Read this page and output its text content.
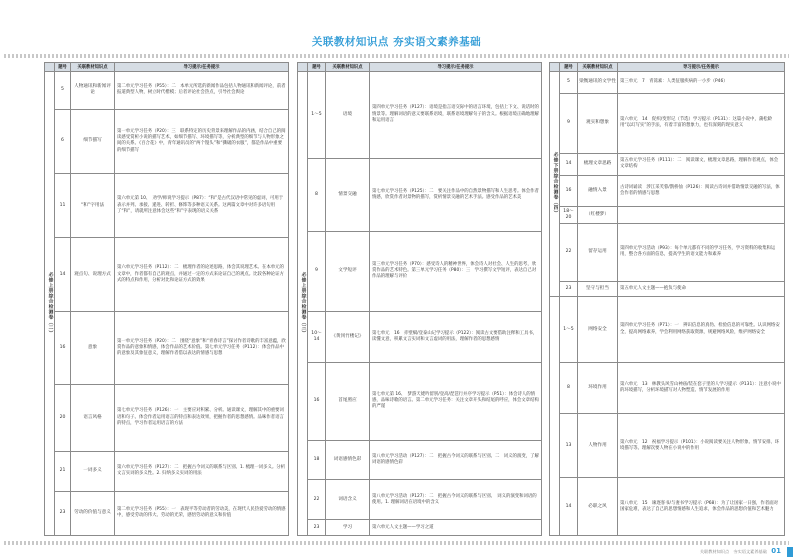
关联教材知识点 夯实语文素养基础
	题号	关联教材知识点	导习提示/任务提示

必修上册综合检测卷（二）	5	人物通讯和新闻评论	第二单元学习任务（P55）：二　本单元所选的新闻作品包括人物通讯和新闻评论，前者报道典型人物，树立时代楷模；后者评论社会热点，引导社会舆论
	6	细节描写	第一单元学习任务（P20）：三　联系特定的历史背景来理解作品的内涵，结合自己的阅读感受赏析小说的描写艺术，如细节描写、环境描写等，分析典型的细节与人物形象之间的关系。《百合花》中，青年通讯员的“两个馒头”和“撕破的衣服”，都是作品中重要的细节描写
	11	“和”字用法	第六单元第 10、　劝学/师说学习提示（P87）：“和”是古代汉语中常见的虚词，可用于表示并列、承接、递进、转折、修饰等多种语义关系。这两篇文章中对许多语句用了“和”，请就所注意体会这些“和”字表现的语义关系
	14	观点句、说理方式	第六单元学习任务（P112）：二　梳理作者的论述思路，体会其说理艺术。在本单元的文章中，作者都有自己的观点，并通过一定的方式来论证自己的观点。比较各种论证方式的特点和作用，分析对比和论证方式的效果
	16	意象	第一单元学习任务（P20）：二　围绕“意象”和“青春诗言”探讨作者诗歌的丰富意蕴，欣赏作品的意象和情感，体会作品的艺术价值。第七单元学习任务（P112）：体会作品中的意象及其象征意义，理解作者借以表达的情感与思想
	20	语言风格	第七单元学习任务（P126）：一　主要应对积累、分析。通读课文，理解其中的重要词语和句子。体会作者运用语言的特点和表达效果，把握作者的思想感情。品味作者语言的特点，学习作者运用语言的方法
	21	一词多义	第六单元学习任务（P127）：二　把握古今词义的联系与区别。1. 梳理一词多义。分析文言实词的多义性。2. 归纳多义实词的用法
	23	劳动的价值与意义	第二单元学习任务（P55）：一　表现平等劳动者的劳动美，在现代人民热爱劳动的情感中，感受劳动的伟大、劳动的光荣，感悟劳动的意义和价值
	题号	关联教材知识点	导习提示/任务提示

必修上册综合检测卷（三）	1～5	语境	第四单元学习任务（P127）：语境是指言语交际中的语言环境，包括上下文、说话时的情景等。理解词语的意义要联系语境，联系语境理解句子的含义。根据语境正确地理解和运用语言
	8	情景交融	第七单元学习任务（P125）：二　要关注作品中的自然景物描写和人生思考。体会作者情感，欣赏作者对景物的描写，赏析情景交融的艺术手法。感受作品的艺术美
	9	文学短评	第三单元学习任务（P70）：感受诗人的精神世界，体会诗人对社会、人生的思考，欣赏作品的艺术特色。第三单元学习任务（P80）：三　学习撰写文学短评，表达自己对作品的理解与评价
	10～14	《黄冈竹楼记》	第七单元　16　赤壁赋/登泰山记学习提示（P122）：阅读古文要借助注释和工具书，读懂文意，积累文言实词和文言虚词的用法，理解作者的思想感情
	16	首尾照应	第七单元第 16、　梦游天姥吟留别/登高/琵琶行并序学习提示（P51）：体会诗人的情感，品味诗歌的语言。第二单元学习任务：关注文章开头和结尾的呼应，体会文章结构的严谨
	18	词语感情色彩	第八单元学习活动（P127）：二　把握古今词义的联系与区别。二　词义的演变，了解词语的感情色彩
	22	词语含义	第八单元学习活动（P127）：二　把握古今词义的联系与区别。　词义的演变和词语的使用。1. 理解词语在语境中的含义
	23	学习	第六单元人文主题——学习之道
	题号	关联教材知识点	导习提示/任务提示

必修下册综合检测卷（四）	5	梁衡通讯的文学性	第三单元　7　青蒿素：人类征服疾病的一小步（P46）
	9	观实和想象	第六单元　14　促织/变形记（节选）学习提示（P131）：这篇小说中，蒲松龄用“以幻写实”的手法，有着丰富的想象力，也有深刻的现实意义
	14	梳理文章思路	第五单元学习任务（P111）：二　阅读课文，梳理文章思路，理解作者观点，体会文章结构
	16	融情入景	古诗词诵读　涉江采芙蓉/鹊桥仙（P126）：阅读古诗词并借助情景交融的写法，体会作者的情感与思想
	18～20	（红楼梦）	
	22	留存运用	第四单元学习活动（P93）：每个单元都有不同的学习任务，学习资料的收集和运用，整合各方面的信息，提高学生的语文能力和素养
	23	坚守与担当	第五单元人文主题——抱负与使命

	1～5	网络安全	第四单元学习任务（P71）：一　辨识信息的真伪、检验信息的可靠性。认识网络安全，提高网络素养，学会利用网络获取资源，规避网络风险，维护网络安全
	8	环境作用	第六单元　13　林教头风雪山神庙/装在套子里的人学习提示（P131）：注意小说中的环境描写，分析环境描写对人物塑造、情节发展的作用
	13	人物作用	第六单元　12　祝福学习提示（P101）：小说阅读要关注人物形象、情节安排、环境描写等。理解次要人物在小说中的作用
	14	必职之风	第八单元　15　谏逐客书/与妻书学习提示（P68）：为了让国家一日强，作者面对国家危难，表达了自己的思想情感和人生追求，体会作品的思想价值和艺术魅力
关联教材知识点　夯实语文素养基础 01
